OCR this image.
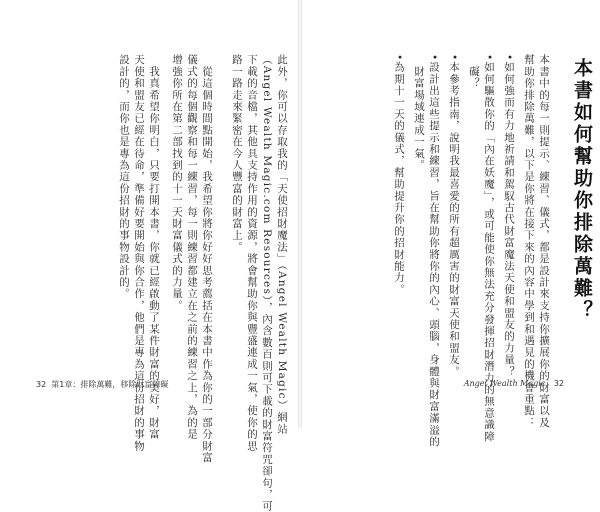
此外，你可以存取我的「天使招財魔法」（Angel Wealth Magic）網站
（Angel Wealth Magic.com Resources），內含數百則可下載的財富符咒卻句，可
下載的音檔，其他具支持作用的資源，將會幫助你與豐盛連成一氣，使你的思
路一路走來緊密在今人豐富的財富上。
　從這個時間點開始，我希望你將你好好思考薦括在本書中作為你的一部分財富
儀式的每個觀察和每一練習，每一則練習都建立在之前的練習之上，為的是
增強你所在第二部找到的十一天財富儀式的力量。
　我真希望你明白，只要打開本書，你就已經啟動了某件財富的美好，財富
天使和盟友已經在待命，準備好要開始與你合作，他們是專為這份招財的事物
設計的，而你也是專為這份招財的事物設計的。
32 第1章：排除萬難，移除財富障礙
本書如何幫助你排除萬難？
本書中的每一則提示、練習、儀式，都是設計來支持你擴展你的財富以及
幫助你排除萬難，以下是你將在接下來的內容中學到和遇見的機會重點：
•如何強而有力地祈請和駕馭古代財富魔法天使和盟友的力量？
•如何驅散你的「內在妖魔」，或可能使你無法充分發揮招財潛力的無意識障
　礙？
•本參考指南，說明我最喜愛的所有超厲害的財富天使和盟友。
•設計出這些提示和練習，旨在幫助你將你的內心、頭腦，身體與財富滿溢的
　財富場域連成一氣。
•為期十一天的儀式，幫助提升你的招財能力。
Angel Wealth Magic 32
